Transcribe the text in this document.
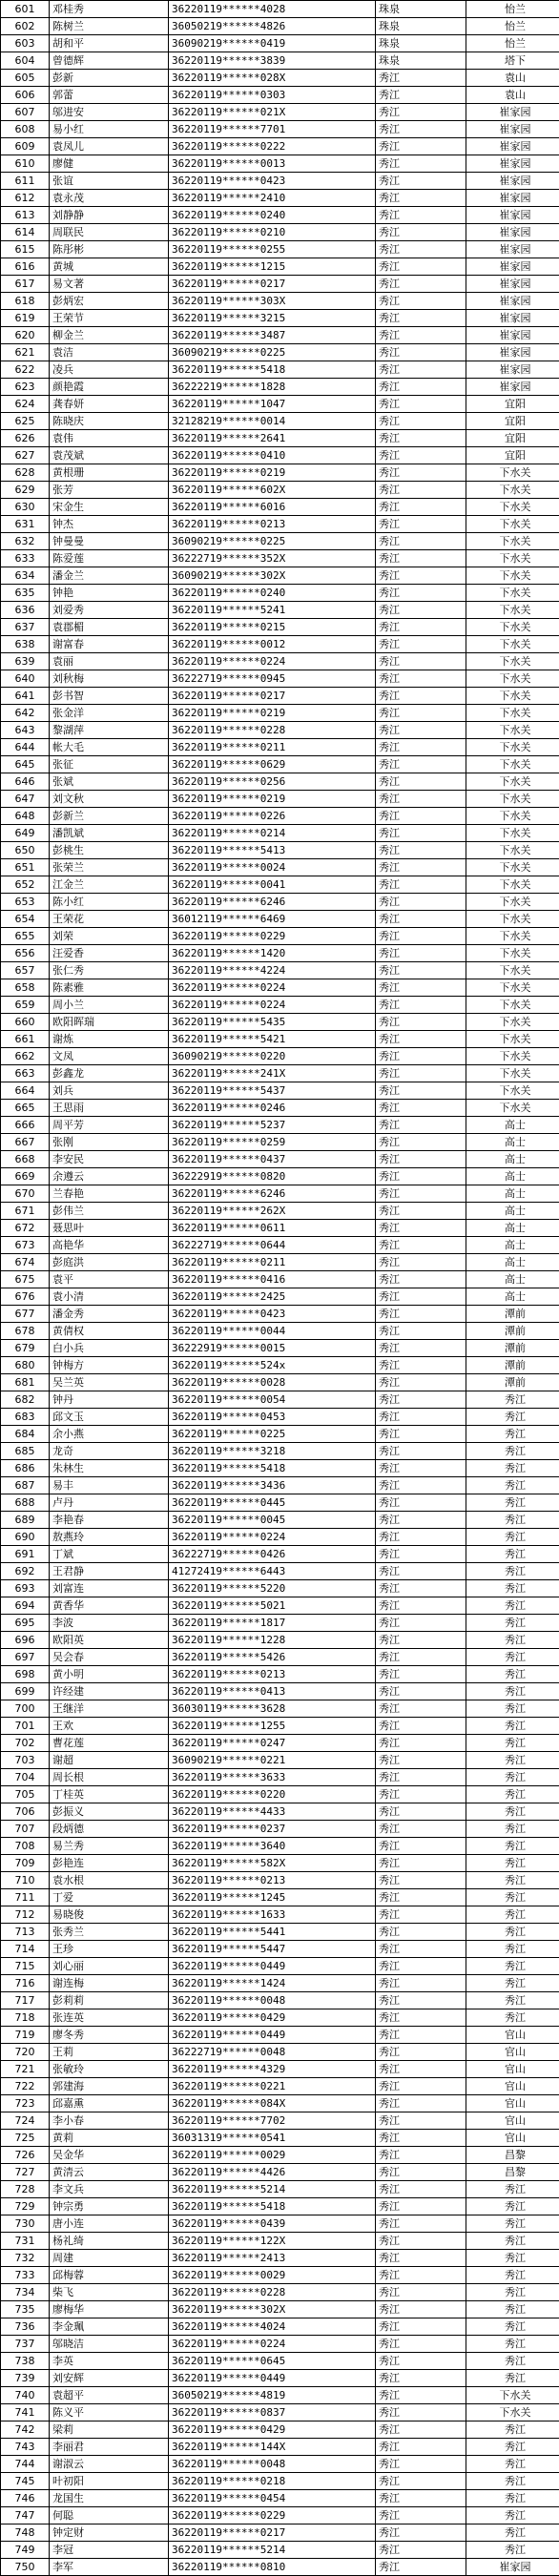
601	邓桂秀	36220119******4028	珠泉	怡兰
602	陈树兰	36050219******4826	珠泉	怡兰
603	胡和平	36090219******0419	珠泉	怡兰
604	曾德辉	36220119******3839	珠泉	塔下
605	彭新	36220119******028X	秀江	袁山
606	郭蕾	36220119******0303	秀江	袁山
607	邬进安	36220119******021X	秀江	崔家园
608	易小红	36220119******7701	秀江	崔家园
609	袁凤儿	36220119******0222	秀江	崔家园
610	廖健	36220119******0013	秀江	崔家园
611	张谊	36220119******0423	秀江	崔家园
612	袁永茂	36220119******2410	秀江	崔家园
613	刘静静	36220119******0240	秀江	崔家园
614	周联民	36220119******0210	秀江	崔家园
615	陈彤彬	36220119******0255	秀江	崔家园
616	黄城	36220119******1215	秀江	崔家园
617	易文著	36220119******0217	秀江	崔家园
618	彭炳宏	36220119******303X	秀江	崔家园
619	王荣节	36220119******3215	秀江	崔家园
620	柳金兰	36220119******3487	秀江	崔家园
621	袁洁	36090219******0225	秀江	崔家园
622	凌兵	36220119******5418	秀江	崔家园
623	颜艳霞	36222219******1828	秀江	崔家园
624	龚春妍	36220119******1047	秀江	宜阳
625	陈晓庆	32128219******0014	秀江	宜阳
626	袁伟	36220119******2641	秀江	宜阳
627	袁茂斌	36220119******0410	秀江	宜阳
628	黄根珊	36220119******0219	秀江	下水关
629	张芳	36220119******602X	秀江	下水关
630	宋金生	36220119******6016	秀江	下水关
631	钟杰	36220119******0213	秀江	下水关
632	钟曼曼	36090219******0225	秀江	下水关
633	陈爱莲	36222719******352X	秀江	下水关
634	潘金兰	36090219******302X	秀江	下水关
635	钟艳	36220119******0240	秀江	下水关
636	刘爱秀	36220119******5241	秀江	下水关
637	袁郡楣	36220119******0215	秀江	下水关
638	谢富春	36220119******0012	秀江	下水关
639	袁丽	36220119******0224	秀江	下水关
640	刘秋梅	36222719******0945	秀江	下水关
641	彭书智	36220119******0217	秀江	下水关
642	张金洋	36220119******0219	秀江	下水关
643	黎湖萍	36220119******0228	秀江	下水关
644	帐大毛	36220119******0211	秀江	下水关
645	张征	36220119******0629	秀江	下水关
646	张斌	36220119******0256	秀江	下水关
647	刘文秋	36220119******0219	秀江	下水关
648	彭新兰	36220119******0226	秀江	下水关
649	潘凯斌	36220119******0214	秀江	下水关
650	彭桃生	36220119******5413	秀江	下水关
651	张荣兰	36220119******0024	秀江	下水关
652	江金兰	36220119******0041	秀江	下水关
653	陈小红	36220119******6246	秀江	下水关
654	王荣花	36012119******6469	秀江	下水关
655	刘荣	36220119******0229	秀江	下水关
656	汪爱香	36220119******1420	秀江	下水关
657	张仁秀	36220119******4224	秀江	下水关
658	陈素雅	36220119******0224	秀江	下水关
659	周小兰	36220119******0224	秀江	下水关
660	欧阳晖瑞	36220119******5435	秀江	下水关
661	谢炼	36220119******5421	秀江	下水关
662	文凤	36090219******0220	秀江	下水关
663	彭鑫龙	36220119******241X	秀江	下水关
664	刘兵	36220119******5437	秀江	下水关
665	王思雨	36220119******0246	秀江	下水关
666	周平芳	36220119******5237	秀江	高士
667	张刚	36220119******0259	秀江	高士
668	李安民	36220119******0437	秀江	高士
669	余遵云	36222919******0820	秀江	高士
670	兰春艳	36220119******6246	秀江	高士
671	彭伟兰	36220119******262X	秀江	高士
672	聂思叶	36220119******0611	秀江	高士
673	高艳华	36222719******0644	秀江	高士
674	彭庭洪	36220119******0211	秀江	高士
675	袁平	36220119******0416	秀江	高士
676	袁小清	36220119******2425	秀江	高士
677	潘金秀	36220119******0423	秀江	潭前
678	黄倩权	36220119******0044	秀江	潭前
679	白小兵	36222919******0015	秀江	潭前
680	钟梅方	36220119******524x	秀江	潭前
681	吴兰英	36220119******0028	秀江	潭前
682	钟丹	36220119******0054	秀江	秀江
683	邱文玉	36220119******0453	秀江	秀江
684	余小燕	36220119******0225	秀江	秀江
685	龙奇	36220119******3218	秀江	秀江
686	朱林生	36220119******5418	秀江	秀江
687	易丰	36220119******3436	秀江	秀江
688	卢丹	36220119******0445	秀江	秀江
689	李艳春	36220119******0045	秀江	秀江
690	敖燕玲	36220119******0224	秀江	秀江
691	丁斌	36222719******0426	秀江	秀江
692	王君静	41272419******6443	秀江	秀江
693	刘富连	36220119******5220	秀江	秀江
694	黄香华	36220119******5021	秀江	秀江
695	李波	36220119******1817	秀江	秀江
696	欧阳英	36220119******1228	秀江	秀江
697	吴会春	36220119******5426	秀江	秀江
698	黄小明	36220119******0213	秀江	秀江
699	许经建	36220119******0413	秀江	秀江
700	王继洋	36030119******3628	秀江	秀江
701	王欢	36220119******1255	秀江	秀江
702	曹花莲	36220119******0247	秀江	秀江
703	谢超	36090219******0221	秀江	秀江
704	周长根	36220119******3633	秀江	秀江
705	丁桂英	36220119******0220	秀江	秀江
706	彭振义	36220119******4433	秀江	秀江
707	段炳德	36220119******0237	秀江	秀江
708	易兰秀	36220119******3640	秀江	秀江
709	彭艳连	36220119******582X	秀江	秀江
710	袁水根	36220119******0213	秀江	秀江
711	丁爱	36220119******1245	秀江	秀江
712	易晓俊	36220119******1633	秀江	秀江
713	张秀兰	36220119******5441	秀江	秀江
714	王珍	36220119******5447	秀江	秀江
715	刘心丽	36220119******0449	秀江	秀江
716	谢连梅	36220119******1424	秀江	秀江
717	彭莉莉	36220119******0048	秀江	秀江
718	张连英	36220119******0429	秀江	秀江
719	廖冬秀	36220119******0449	秀江	官山
720	王莉	36222719******0048	秀江	官山
721	张敏玲	36220119******4329	秀江	官山
722	郭建海	36220119******0221	秀江	官山
723	邱嘉熏	36220119******084X	秀江	官山
724	李小春	36220119******7702	秀江	官山
725	黄莉	36031319******0541	秀江	官山
726	吴金华	36220119******0029	秀江	昌黎
727	黄清云	36220119******4426	秀江	昌黎
728	李文兵	36220119******5214	秀江	秀江
729	钟宗勇	36220119******5418	秀江	秀江
730	唐小连	36220119******0439	秀江	秀江
731	杨礼绮	36220119******122X	秀江	秀江
732	周建	36220119******2413	秀江	秀江
733	邱梅蓉	36220119******0029	秀江	秀江
734	柴飞	36220119******0228	秀江	秀江
735	廖梅华	36220119******302X	秀江	秀江
736	李金珮	36220119******4024	秀江	秀江
737	邬晓洁	36220119******0224	秀江	秀江
738	李英	36220119******0645	秀江	秀江
739	刘安辉	36220119******0449	秀江	秀江
740	袁超平	36050219******4819	秀江	下水关
741	陈义平	36220119******0837	秀江	下水关
742	梁莉	36220119******0429	秀江	秀江
743	李丽君	36220119******144X	秀江	秀江
744	谢淑云	36220119******0048	秀江	秀江
745	叶初阳	36220119******0218	秀江	秀江
746	龙国生	36220119******0454	秀江	秀江
747	何聪	36220119******0229	秀江	秀江
748	钟定财	36220119******0217	秀江	秀江
749	李冠	36220119******5214	秀江	秀江
750	李军	36220119******0810	秀江	崔家园
